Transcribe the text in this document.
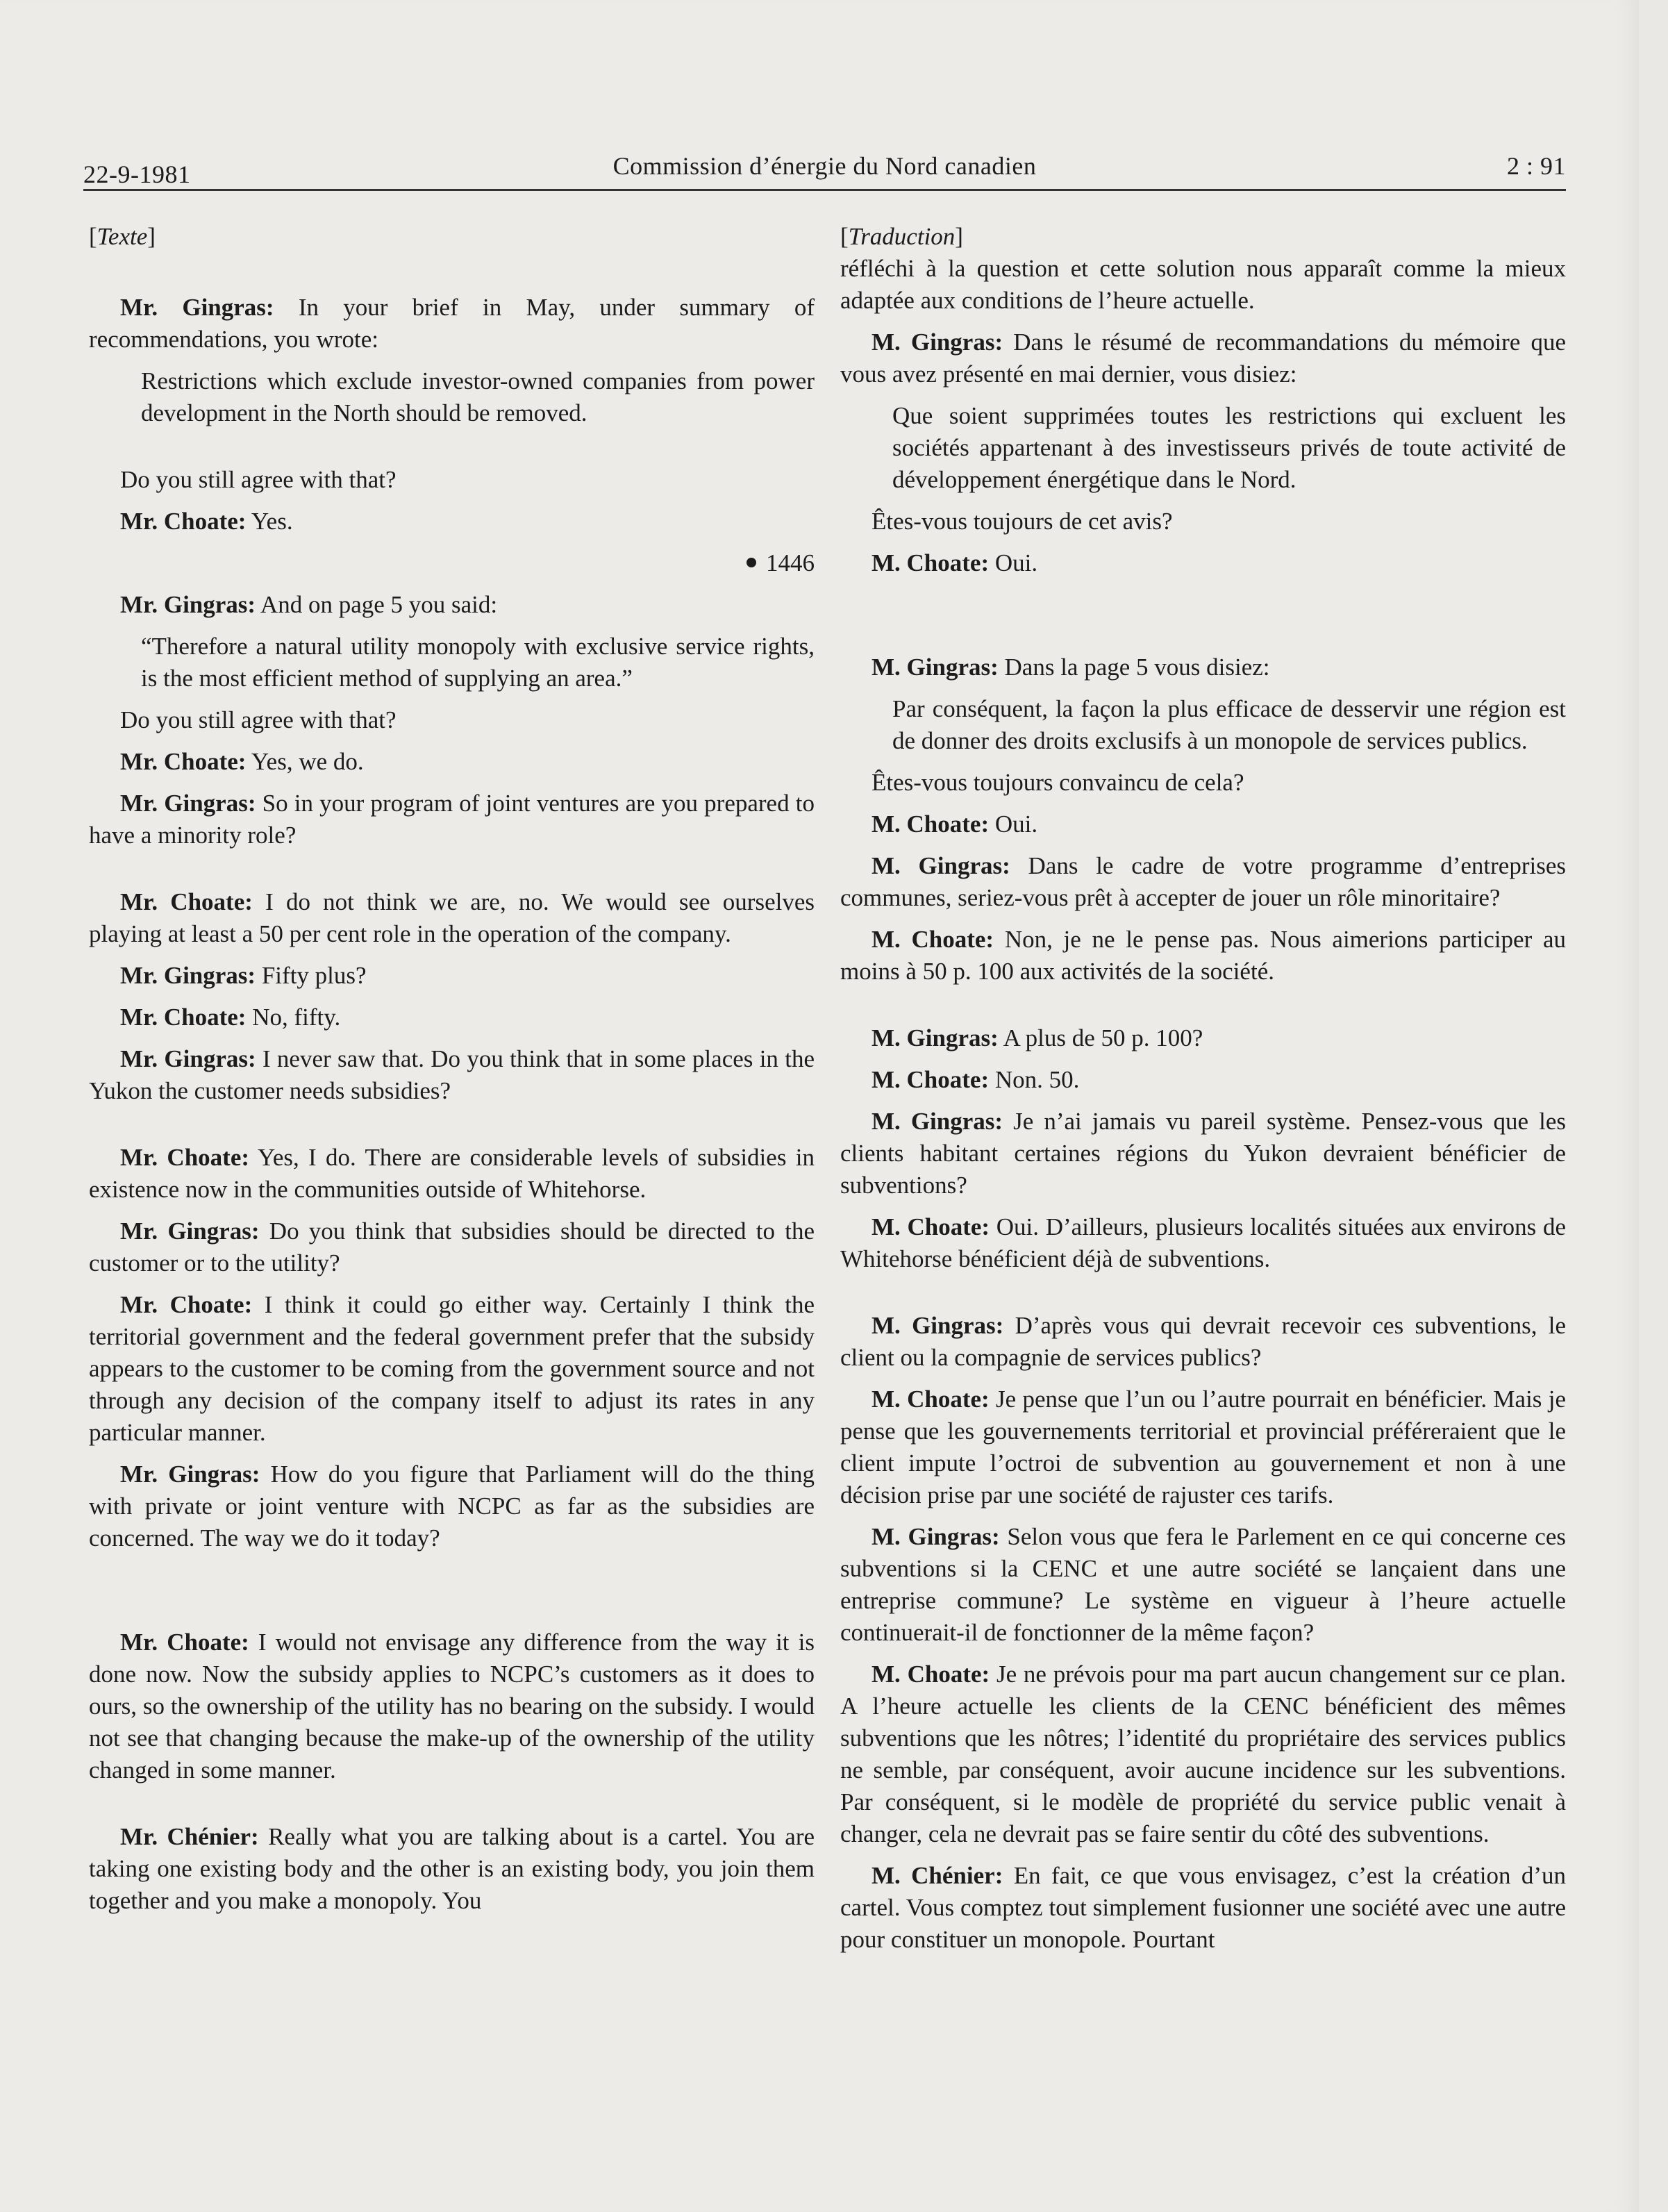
22-9-1981	Commission d’énergie du Nord canadien	2 : 91

[Texte]

Mr. Gingras: In your brief in May, under summary of recommendations, you wrote:

Restrictions which exclude investor-owned companies from power development in the North should be removed.

Do you still agree with that?

Mr. Choate: Yes.

1446

Mr. Gingras: And on page 5 you said:

“Therefore a natural utility monopoly with exclusive service rights, is the most efficient method of supplying an area.”

Do you still agree with that?

Mr. Choate: Yes, we do.

Mr. Gingras: So in your program of joint ventures are you prepared to have a minority role?

Mr. Choate: I do not think we are, no. We would see ourselves playing at least a 50 per cent role in the operation of the company.

Mr. Gingras: Fifty plus?

Mr. Choate: No, fifty.

Mr. Gingras: I never saw that. Do you think that in some places in the Yukon the customer needs subsidies?

Mr. Choate: Yes, I do. There are considerable levels of subsidies in existence now in the communities outside of Whitehorse.

Mr. Gingras: Do you think that subsidies should be directed to the customer or to the utility?

Mr. Choate: I think it could go either way. Certainly I think the territorial government and the federal government prefer that the subsidy appears to the customer to be coming from the government source and not through any decision of the company itself to adjust its rates in any particular manner.

Mr. Gingras: How do you figure that Parliament will do the thing with private or joint venture with NCPC as far as the subsidies are concerned. The way we do it today?

Mr. Choate: I would not envisage any difference from the way it is done now. Now the subsidy applies to NCPC’s customers as it does to ours, so the ownership of the utility has no bearing on the subsidy. I would not see that changing because the make-up of the ownership of the utility changed in some manner.

Mr. Chénier: Really what you are talking about is a cartel. You are taking one existing body and the other is an existing body, you join them together and you make a monopoly. You

[Traduction]

réfléchi à la question et cette solution nous apparaît comme la mieux adaptée aux conditions de l’heure actuelle.

M. Gingras: Dans le résumé de recommandations du mémoire que vous avez présenté en mai dernier, vous disiez:

Que soient supprimées toutes les restrictions qui excluent les sociétés appartenant à des investisseurs privés de toute activité de développement énergétique dans le Nord.

Êtes-vous toujours de cet avis?

M. Choate: Oui.

M. Gingras: Dans la page 5 vous disiez:

Par conséquent, la façon la plus efficace de desservir une région est de donner des droits exclusifs à un monopole de services publics.

Êtes-vous toujours convaincu de cela?

M. Choate: Oui.

M. Gingras: Dans le cadre de votre programme d’entreprises communes, seriez-vous prêt à accepter de jouer un rôle minoritaire?

M. Choate: Non, je ne le pense pas. Nous aimerions participer au moins à 50 p. 100 aux activités de la société.

M. Gingras: A plus de 50 p. 100?

M. Choate: Non. 50.

M. Gingras: Je n’ai jamais vu pareil système. Pensez-vous que les clients habitant certaines régions du Yukon devraient bénéficier de subventions?

M. Choate: Oui. D’ailleurs, plusieurs localités situées aux environs de Whitehorse bénéficient déjà de subventions.

M. Gingras: D’après vous qui devrait recevoir ces subventions, le client ou la compagnie de services publics?

M. Choate: Je pense que l’un ou l’autre pourrait en bénéficier. Mais je pense que les gouvernements territorial et provincial préféreraient que le client impute l’octroi de subvention au gouvernement et non à une décision prise par une société de rajuster ces tarifs.

M. Gingras: Selon vous que fera le Parlement en ce qui concerne ces subventions si la CENC et une autre société se lançaient dans une entreprise commune? Le système en vigueur à l’heure actuelle continuerait-il de fonctionner de la même façon?

M. Choate: Je ne prévois pour ma part aucun changement sur ce plan. A l’heure actuelle les clients de la CENC bénéficient des mêmes subventions que les nôtres; l’identité du propriétaire des services publics ne semble, par conséquent, avoir aucune incidence sur les subventions. Par conséquent, si le modèle de propriété du service public venait à changer, cela ne devrait pas se faire sentir du côté des subventions.

M. Chénier: En fait, ce que vous envisagez, c’est la création d’un cartel. Vous comptez tout simplement fusionner une société avec une autre pour constituer un monopole. Pourtant
